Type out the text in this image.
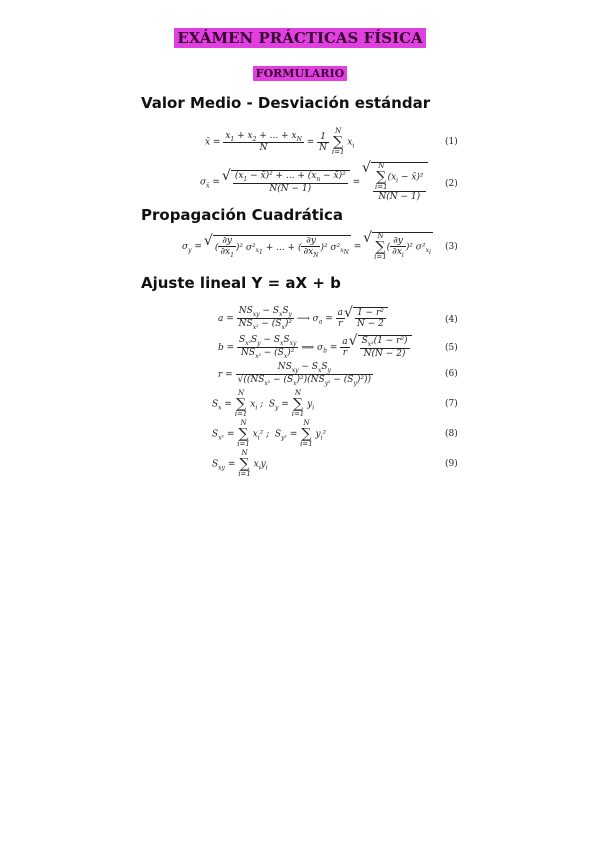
EXÁMEN PRÁCTICAS FÍSICA
FORMULARIO
Valor Medio - Desviación estándar
x̄ = $\frac{x_1 + x_2 + ... + x_N}{N} = \frac{1}{N}$
N
∑
i=1 $x_i$	(1)
$\sigma_{x̄}$ = √ $\frac{(x_1 - x̄)^2 + ... + (x_n - x̄)^2}{N(N - 1)}$ = √ N
∑
$i=1(x_i$ − x̄)²
N(N − 1) (2)
Propagación Cuadrática
$\sigma_y$ = √ ( $\frac{\partial y}{\partial x_1} )^2$ $\sigma^2_{x_1}$ + ... + ( $\frac{\partial y}{\partial x_N} )^2$ $\sigma^2_{x_N}$ = √ N
∑
$i=1( \frac{\partial y}{\partial x_i} )^2$ $\sigma^2_{x_i}$
(3)
Ajuste lineal Y = aX + b
$a = \frac{NS_{xy} - S_xS_y}{NS_{x^2} - (S_x)^2}$ ⟶ $\sigma_a = \frac{a}{r}$ √ $\frac{\text{1 − r²}}{N - 2}$	(4)
$b = \frac{S_{x^2}S_y - S_xS_{xy}}{NS_{x^2} - (S_x)^2}$ ⟹ $\sigma_b = \frac{a}{r}$ √ $\frac{S_{x^2}(1 - r^2)}{N(N - 2)}$	(5)
$r = \frac{NS_{xy} - S_xS_y}{√((NS_{x^2} - (S_x)^2)(NS_{y^2} - (S_y)^2))}$	(6)
$S_x = N$
∑
i=1 $x_i$ ;  $S_y = N$
∑
i=1 $y_i$	(7)
$S_{x^2} = N$
∑
i=1 $x_i^2$ ;  $S_{y^2} = N$
∑
i=1 $y_i^2$	(8)
$S_{xy} = N$
∑
i=1 $x_iy_i$	(9)
